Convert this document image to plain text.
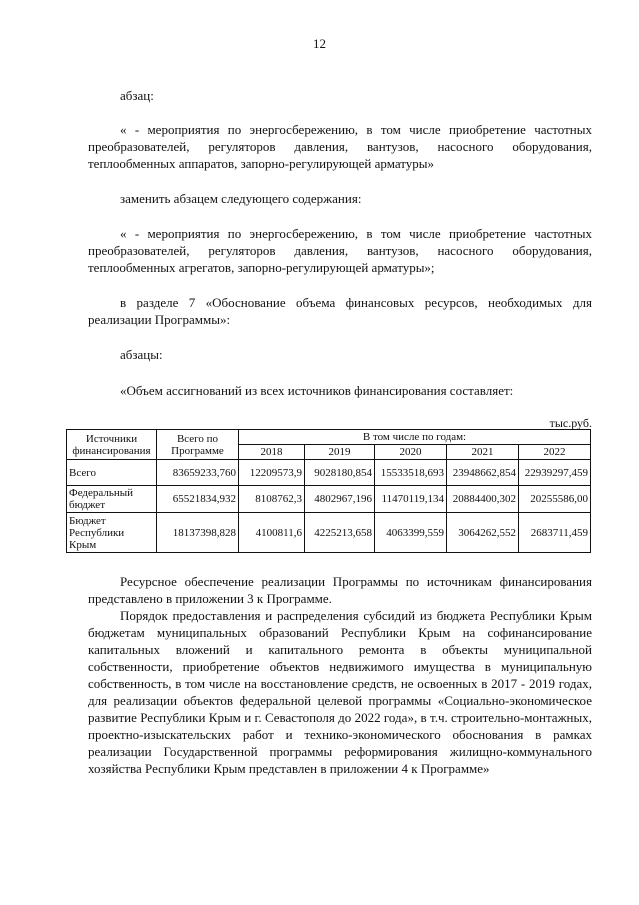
12
абзац:
« - мероприятия по энергосбережению, в том числе приобретение частотных преобразователей, регуляторов давления, вантузов, насосного оборудования, теплообменных аппаратов, запорно-регулирующей арматуры»
заменить абзацем следующего содержания:
« - мероприятия по энергосбережению, в том числе приобретение частотных преобразователей, регуляторов давления, вантузов, насосного оборудования, теплообменных агрегатов, запорно-регулирующей арматуры»;
в разделе 7 «Обоснование объема финансовых ресурсов, необходимых для реализации Программы»:
абзацы:
«Объем ассигнований из всех источников финансирования составляет:
тыс.руб.
Источники финансирования	Всего по Программе	В том числе по годам:				
		2018	2019	2020	2021	2022
Всего	83659233,760	12209573,9	9028180,854	15533518,693	23948662,854	22939297,459
Федеральный бюджет	65521834,932	8108762,3	4802967,196	11470119,134	20884400,302	20255586,00
Бюджет Республики Крым	18137398,828	4100811,6	4225213,658	4063399,559	3064262,552	2683711,459
Ресурсное обеспечение реализации Программы по источникам финансирования представлено в приложении 3 к Программе.
Порядок предоставления и распределения субсидий из бюджета Республики Крым бюджетам муниципальных образований Республики Крым на софинансирование капитальных вложений и капитального ремонта в объекты муниципальной собственности, приобретение объектов недвижимого имущества в муниципальную собственность, в том числе на восстановление средств, не освоенных в 2017 - 2019 годах, для реализации объектов федеральной целевой программы «Социально-экономическое развитие Республики Крым и г. Севастополя до 2022 года», в т.ч. строительно-монтажных, проектно-изыскательских работ и технико-экономического обоснования в рамках реализации Государственной программы реформирования жилищно-коммунального хозяйства Республики Крым представлен в приложении 4 к Программе»
